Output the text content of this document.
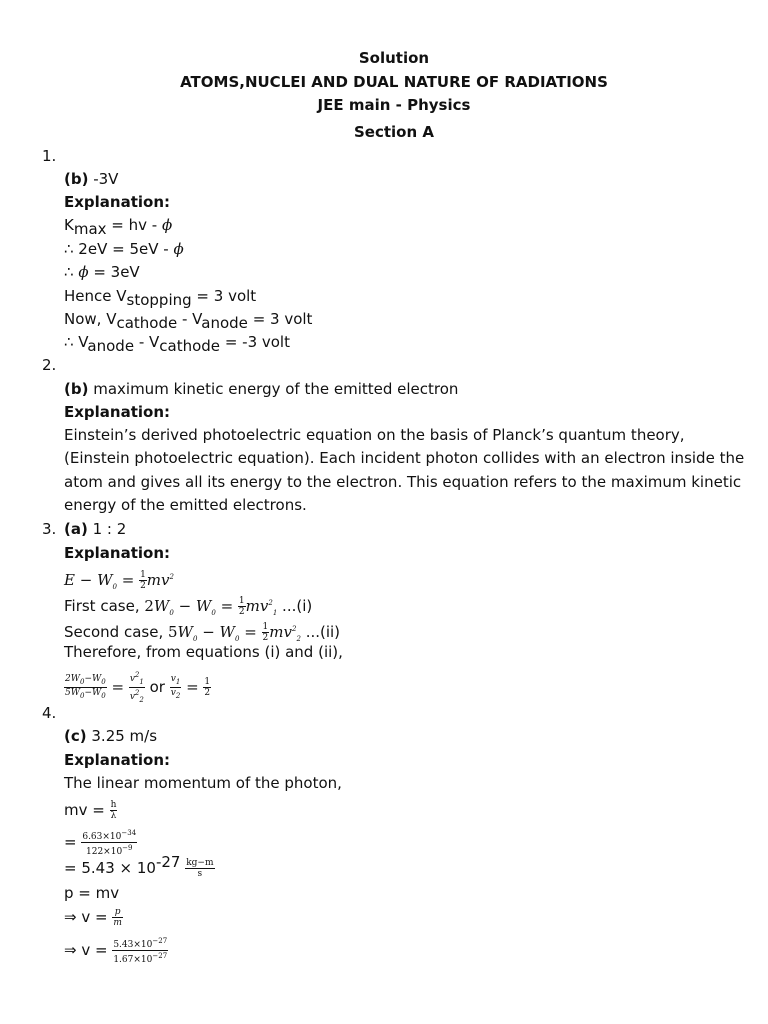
Solution
ATOMS,NUCLEI AND DUAL NATURE OF RADIATIONS
JEE main - Physics
Section A
1.
(b) -3V
Explanation:
Kmax = hv - ϕ
∴ 2eV = 5eV - ϕ
∴ ϕ = 3eV
Hence Vstopping = 3 volt
Now, Vcathode - Vanode = 3 volt
∴ Vanode - Vcathode = -3 volt
2.
(b) maximum kinetic energy of the emitted electron
Explanation:
Einstein’s derived photoelectric equation on the basis of Planck’s quantum theory, (Einstein photoelectric equation). Each incident photon collides with an electron inside the atom and gives all its energy to the electron. This equation refers to the maximum kinetic energy of the emitted electrons.
3. (a) 1 : 2
Explanation:
$E - W_0 = \frac{1}{2} mv^2$
First case, $2W_0 - W_0 = \frac{1}{2} mv^2_1$ ...(i)
Second case, $5W_0 - W_0 = \frac{1}{2} mv^2_2$ ...(ii)
Therefore, from equations (i) and (ii),
$\frac{2W_0-W_0}{5W_0-W_0} = \frac{v^2_1}{v^2_2}$ or $\frac{v_1}{v_2} = \frac{1}{2}$
4.
(c) 3.25 m/s
Explanation:
The linear momentum of the photon,
mv = $\frac{h}{\lambda}$
= $\frac{6.63\times 10^{-34}}{122\times 10^{-9}}$
= $5.43 \times 10-27 \frac{kg-m}{s}$
p = mv
⇒ $v = \frac{p}{m}$
⇒ $v = \frac{5.43\times 10^{-27}}{1.67\times 10^{-27}}$
